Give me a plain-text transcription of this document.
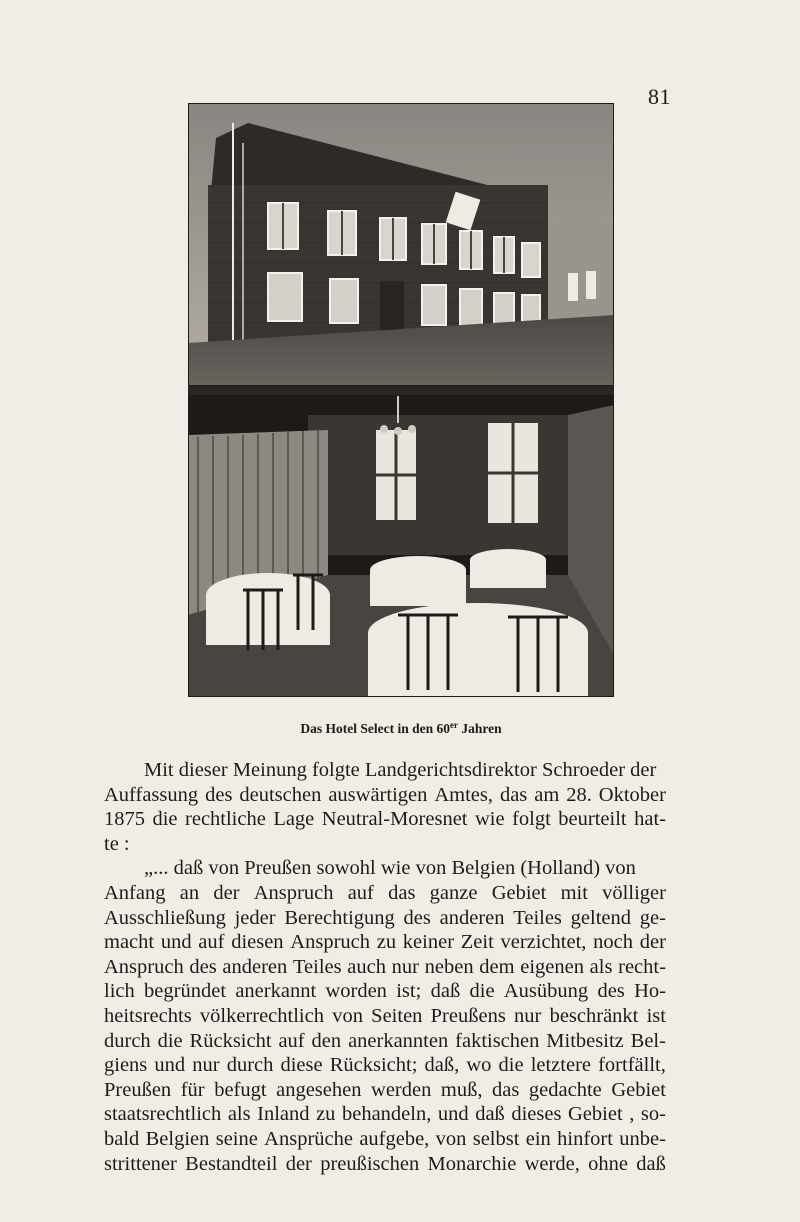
81
Das Hotel Select in den 60er Jahren
Mit dieser Meinung folgte Landgerichtsdirektor Schroeder der
Auffassung des deutschen auswärtigen Amtes, das am 28. Oktober
1875 die rechtliche Lage Neutral-Moresnet wie folgt beurteilt hat-
te :
„... daß von Preußen sowohl wie von Belgien (Holland) von
Anfang an der Anspruch auf das ganze Gebiet mit völliger
Ausschließung jeder Berechtigung des anderen Teiles geltend ge-
macht und auf diesen Anspruch zu keiner Zeit verzichtet, noch der
Anspruch des anderen Teiles auch nur neben dem eigenen als recht-
lich begründet anerkannt worden ist; daß die Ausübung des Ho-
heitsrechts völkerrechtlich von Seiten Preußens nur beschränkt ist
durch die Rücksicht auf den anerkannten faktischen Mitbesitz Bel-
giens und nur durch diese Rücksicht; daß, wo die letztere fortfällt,
Preußen für befugt angesehen werden muß, das gedachte Gebiet
staatsrechtlich als Inland zu behandeln, und daß dieses Gebiet , so-
bald Belgien seine Ansprüche aufgebe, von selbst ein hinfort unbe-
strittener Bestandteil der preußischen Monarchie werde, ohne daß
